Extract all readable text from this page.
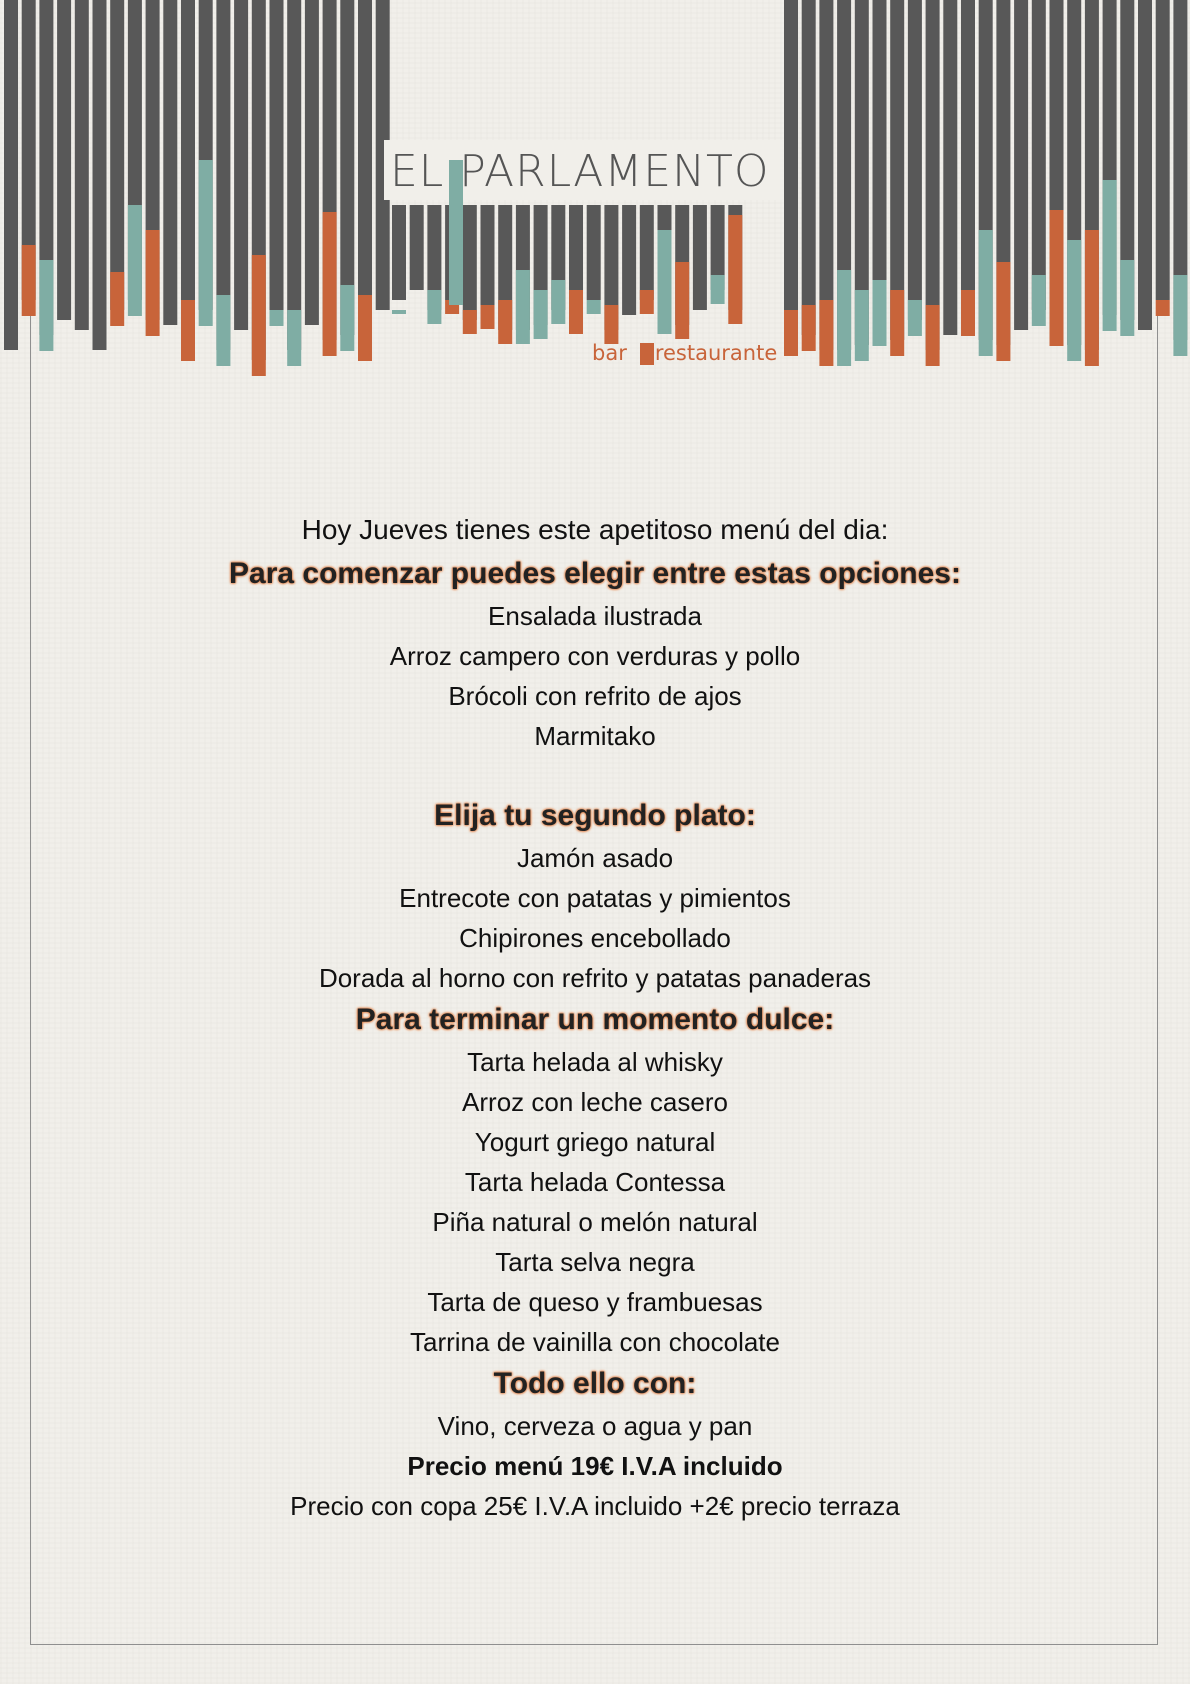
EL PARLAMENTO
bar restaurante
Hoy Jueves tienes este apetitoso menú del dia:
Para comenzar puedes elegir entre estas opciones:
Ensalada ilustrada
Arroz campero con verduras y pollo
Brócoli con refrito de ajos
Marmitako
Elija tu segundo plato:
Jamón asado
Entrecote con patatas y pimientos
Chipirones encebollado
Dorada al horno con refrito y patatas panaderas
Para terminar un momento dulce:
Tarta helada al whisky
Arroz con leche casero
Yogurt griego natural
Tarta helada Contessa
Piña natural o melón natural
Tarta selva negra
Tarta de queso y frambuesas
Tarrina de vainilla con chocolate
Todo ello con:
Vino, cerveza o agua y pan
Precio menú 19€ I.V.A incluido
Precio con copa 25€ I.V.A incluido +2€ precio terraza
